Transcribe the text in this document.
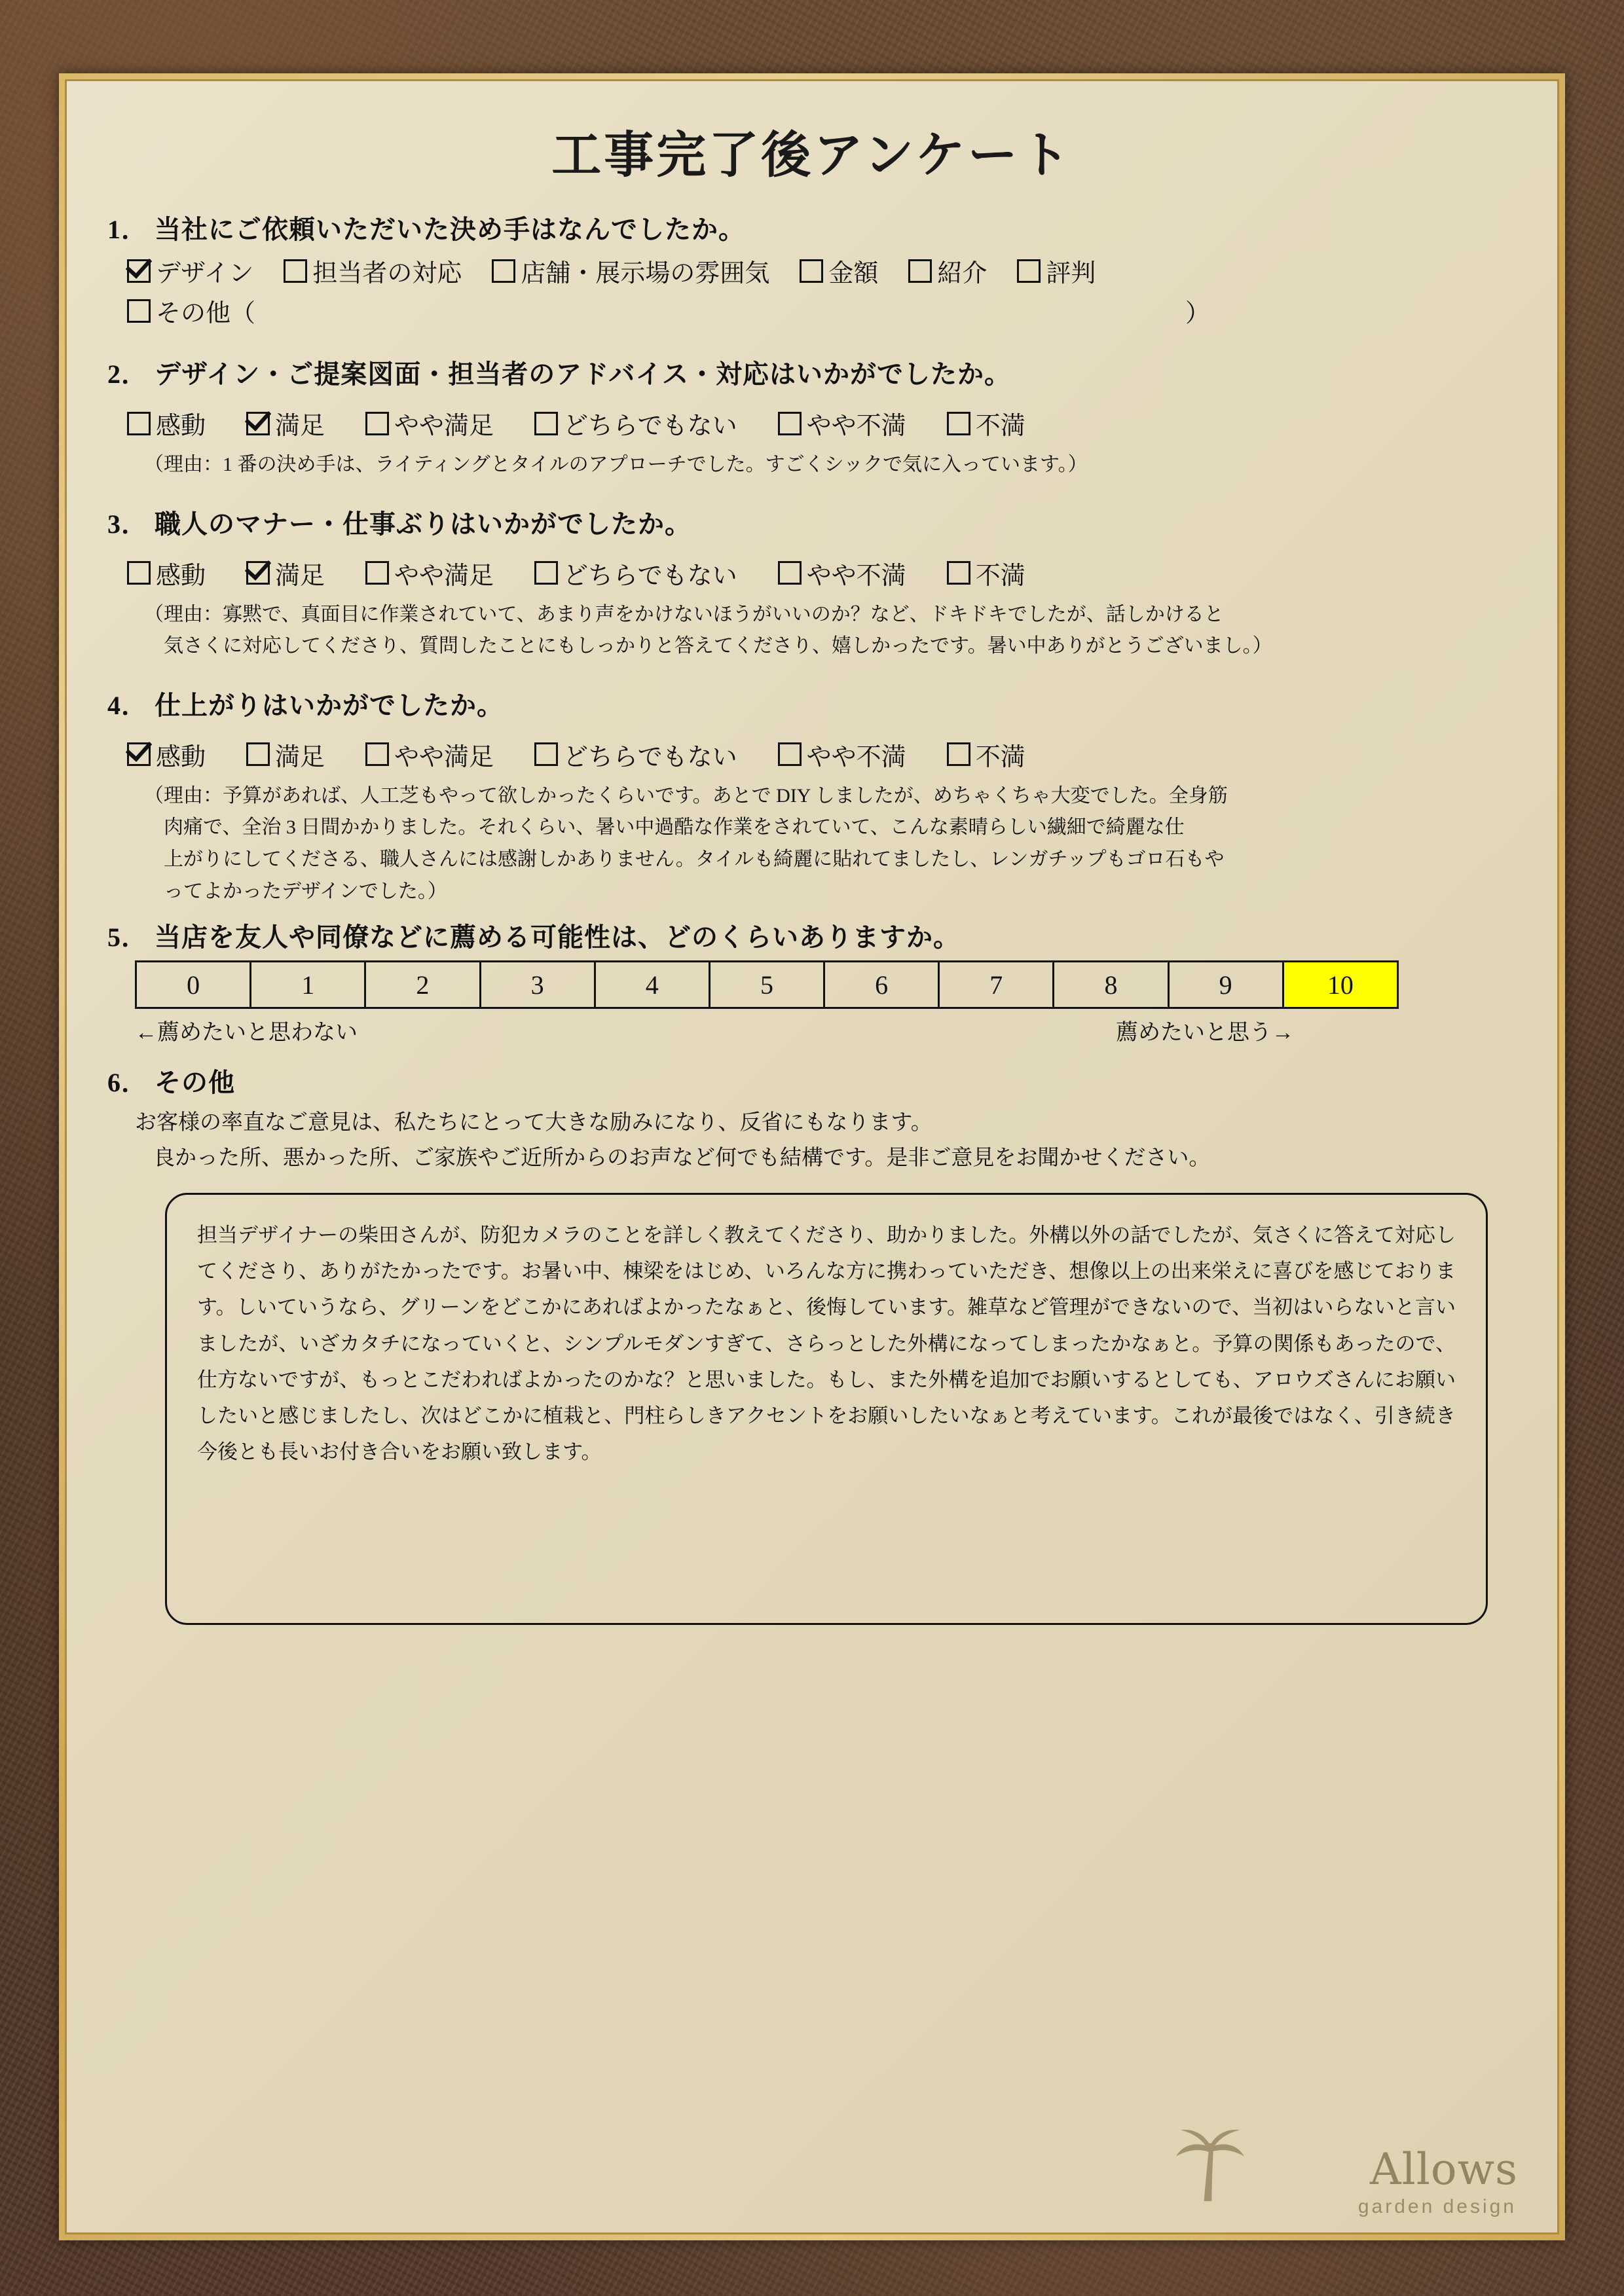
工事完了後アンケート
1． 当社にご依頼いただいた決め手はなんでしたか。
デザイン 担当者の対応 店舗・展示場の雰囲気 金額 紹介 評判
その他（	）
2． デザイン・ご提案図面・担当者のアドバイス・対応はいかがでしたか。
感動	満足	やや満足	どちらでもない	やや不満	不満
（理由：1 番の決め手は、ライティングとタイルのアプローチでした。すごくシックで気に入っています。）
3． 職人のマナー・仕事ぶりはいかがでしたか。
感動	満足	やや満足	どちらでもない	やや不満	不満
（理由：寡黙で、真面目に作業されていて、あまり声をかけないほうがいいのか？など、ドキドキでしたが、話しかけると
気さくに対応してくださり、質問したことにもしっかりと答えてくださり、嬉しかったです。暑い中ありがとうございまし。）
4． 仕上がりはいかがでしたか。
感動	満足	やや満足	どちらでもない	やや不満	不満
（理由：予算があれば、人工芝もやって欲しかったくらいです。あとで DIY しましたが、めちゃくちゃ大変でした。全身筋
肉痛で、全治 3 日間かかりました。それくらい、暑い中過酷な作業をされていて、こんな素晴らしい繊細で綺麗な仕
上がりにしてくださる、職人さんには感謝しかありません。タイルも綺麗に貼れてましたし、レンガチップもゴロ石もや
ってよかったデザインでした。）
5． 当店を友人や同僚などに薦める可能性は、どのくらいありますか。
0	1	2	3	4	5	6	7	8	9	10
←薦めたいと思わない	薦めたいと思う→
6． その他
お客様の率直なご意見は、私たちにとって大きな励みになり、反省にもなります。
良かった所、悪かった所、ご家族やご近所からのお声など何でも結構です。是非ご意見をお聞かせください。
担当デザイナーの柴田さんが、防犯カメラのことを詳しく教えてくださり、助かりました。外構以外の話でしたが、気さくに答えて対応してくださり、ありがたかったです。お暑い中、棟梁をはじめ、いろんな方に携わっていただき、想像以上の出来栄えに喜びを感じております。しいていうなら、グリーンをどこかにあればよかったなぁと、後悔しています。雑草など管理ができないので、当初はいらないと言いましたが、いざカタチになっていくと、シンプルモダンすぎて、さらっとした外構になってしまったかなぁと。予算の関係もあったので、仕方ないですが、もっとこだわればよかったのかな？と思いました。もし、また外構を追加でお願いするとしても、アロウズさんにお願いしたいと感じましたし、次はどこかに植栽と、門柱らしきアクセントをお願いしたいなぁと考えています。これが最後ではなく、引き続き今後とも長いお付き合いをお願い致します。
Allows
garden design
